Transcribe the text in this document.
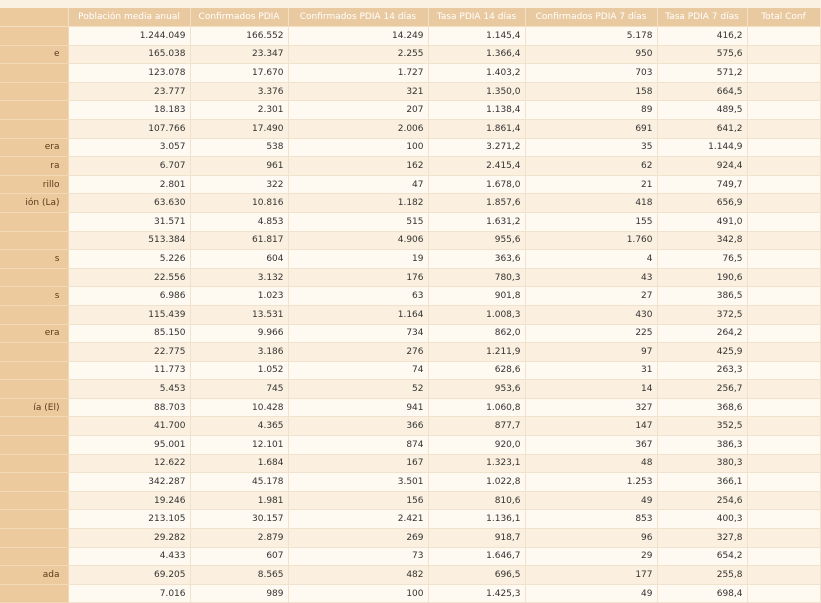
	Población media anual	Confirmados PDIA	Confirmados PDIA 14 días	Tasa PDIA 14 días	Confirmados PDIA 7 días	Tasa PDIA 7 días	Total Conf
	1.244.049	166.552	14.249	1.145,4	5.178	416,2	
e	165.038	23.347	2.255	1.366,4	950	575,6	
	123.078	17.670	1.727	1.403,2	703	571,2	
	23.777	3.376	321	1.350,0	158	664,5	
	18.183	2.301	207	1.138,4	89	489,5	
	107.766	17.490	2.006	1.861,4	691	641,2	
era	3.057	538	100	3.271,2	35	1.144,9	
ra	6.707	961	162	2.415,4	62	924,4	
rillo	2.801	322	47	1.678,0	21	749,7	
ión (La)	63.630	10.816	1.182	1.857,6	418	656,9	
	31.571	4.853	515	1.631,2	155	491,0	
	513.384	61.817	4.906	955,6	1.760	342,8	
s	5.226	604	19	363,6	4	76,5	
	22.556	3.132	176	780,3	43	190,6	
s	6.986	1.023	63	901,8	27	386,5	
	115.439	13.531	1.164	1.008,3	430	372,5	
era	85.150	9.966	734	862,0	225	264,2	
	22.775	3.186	276	1.211,9	97	425,9	
	11.773	1.052	74	628,6	31	263,3	
	5.453	745	52	953,6	14	256,7	
ía (El)	88.703	10.428	941	1.060,8	327	368,6	
	41.700	4.365	366	877,7	147	352,5	
	95.001	12.101	874	920,0	367	386,3	
	12.622	1.684	167	1.323,1	48	380,3	
	342.287	45.178	3.501	1.022,8	1.253	366,1	
	19.246	1.981	156	810,6	49	254,6	
	213.105	30.157	2.421	1.136,1	853	400,3	
	29.282	2.879	269	918,7	96	327,8	
	4.433	607	73	1.646,7	29	654,2	
ada	69.205	8.565	482	696,5	177	255,8	
	7.016	989	100	1.425,3	49	698,4	
